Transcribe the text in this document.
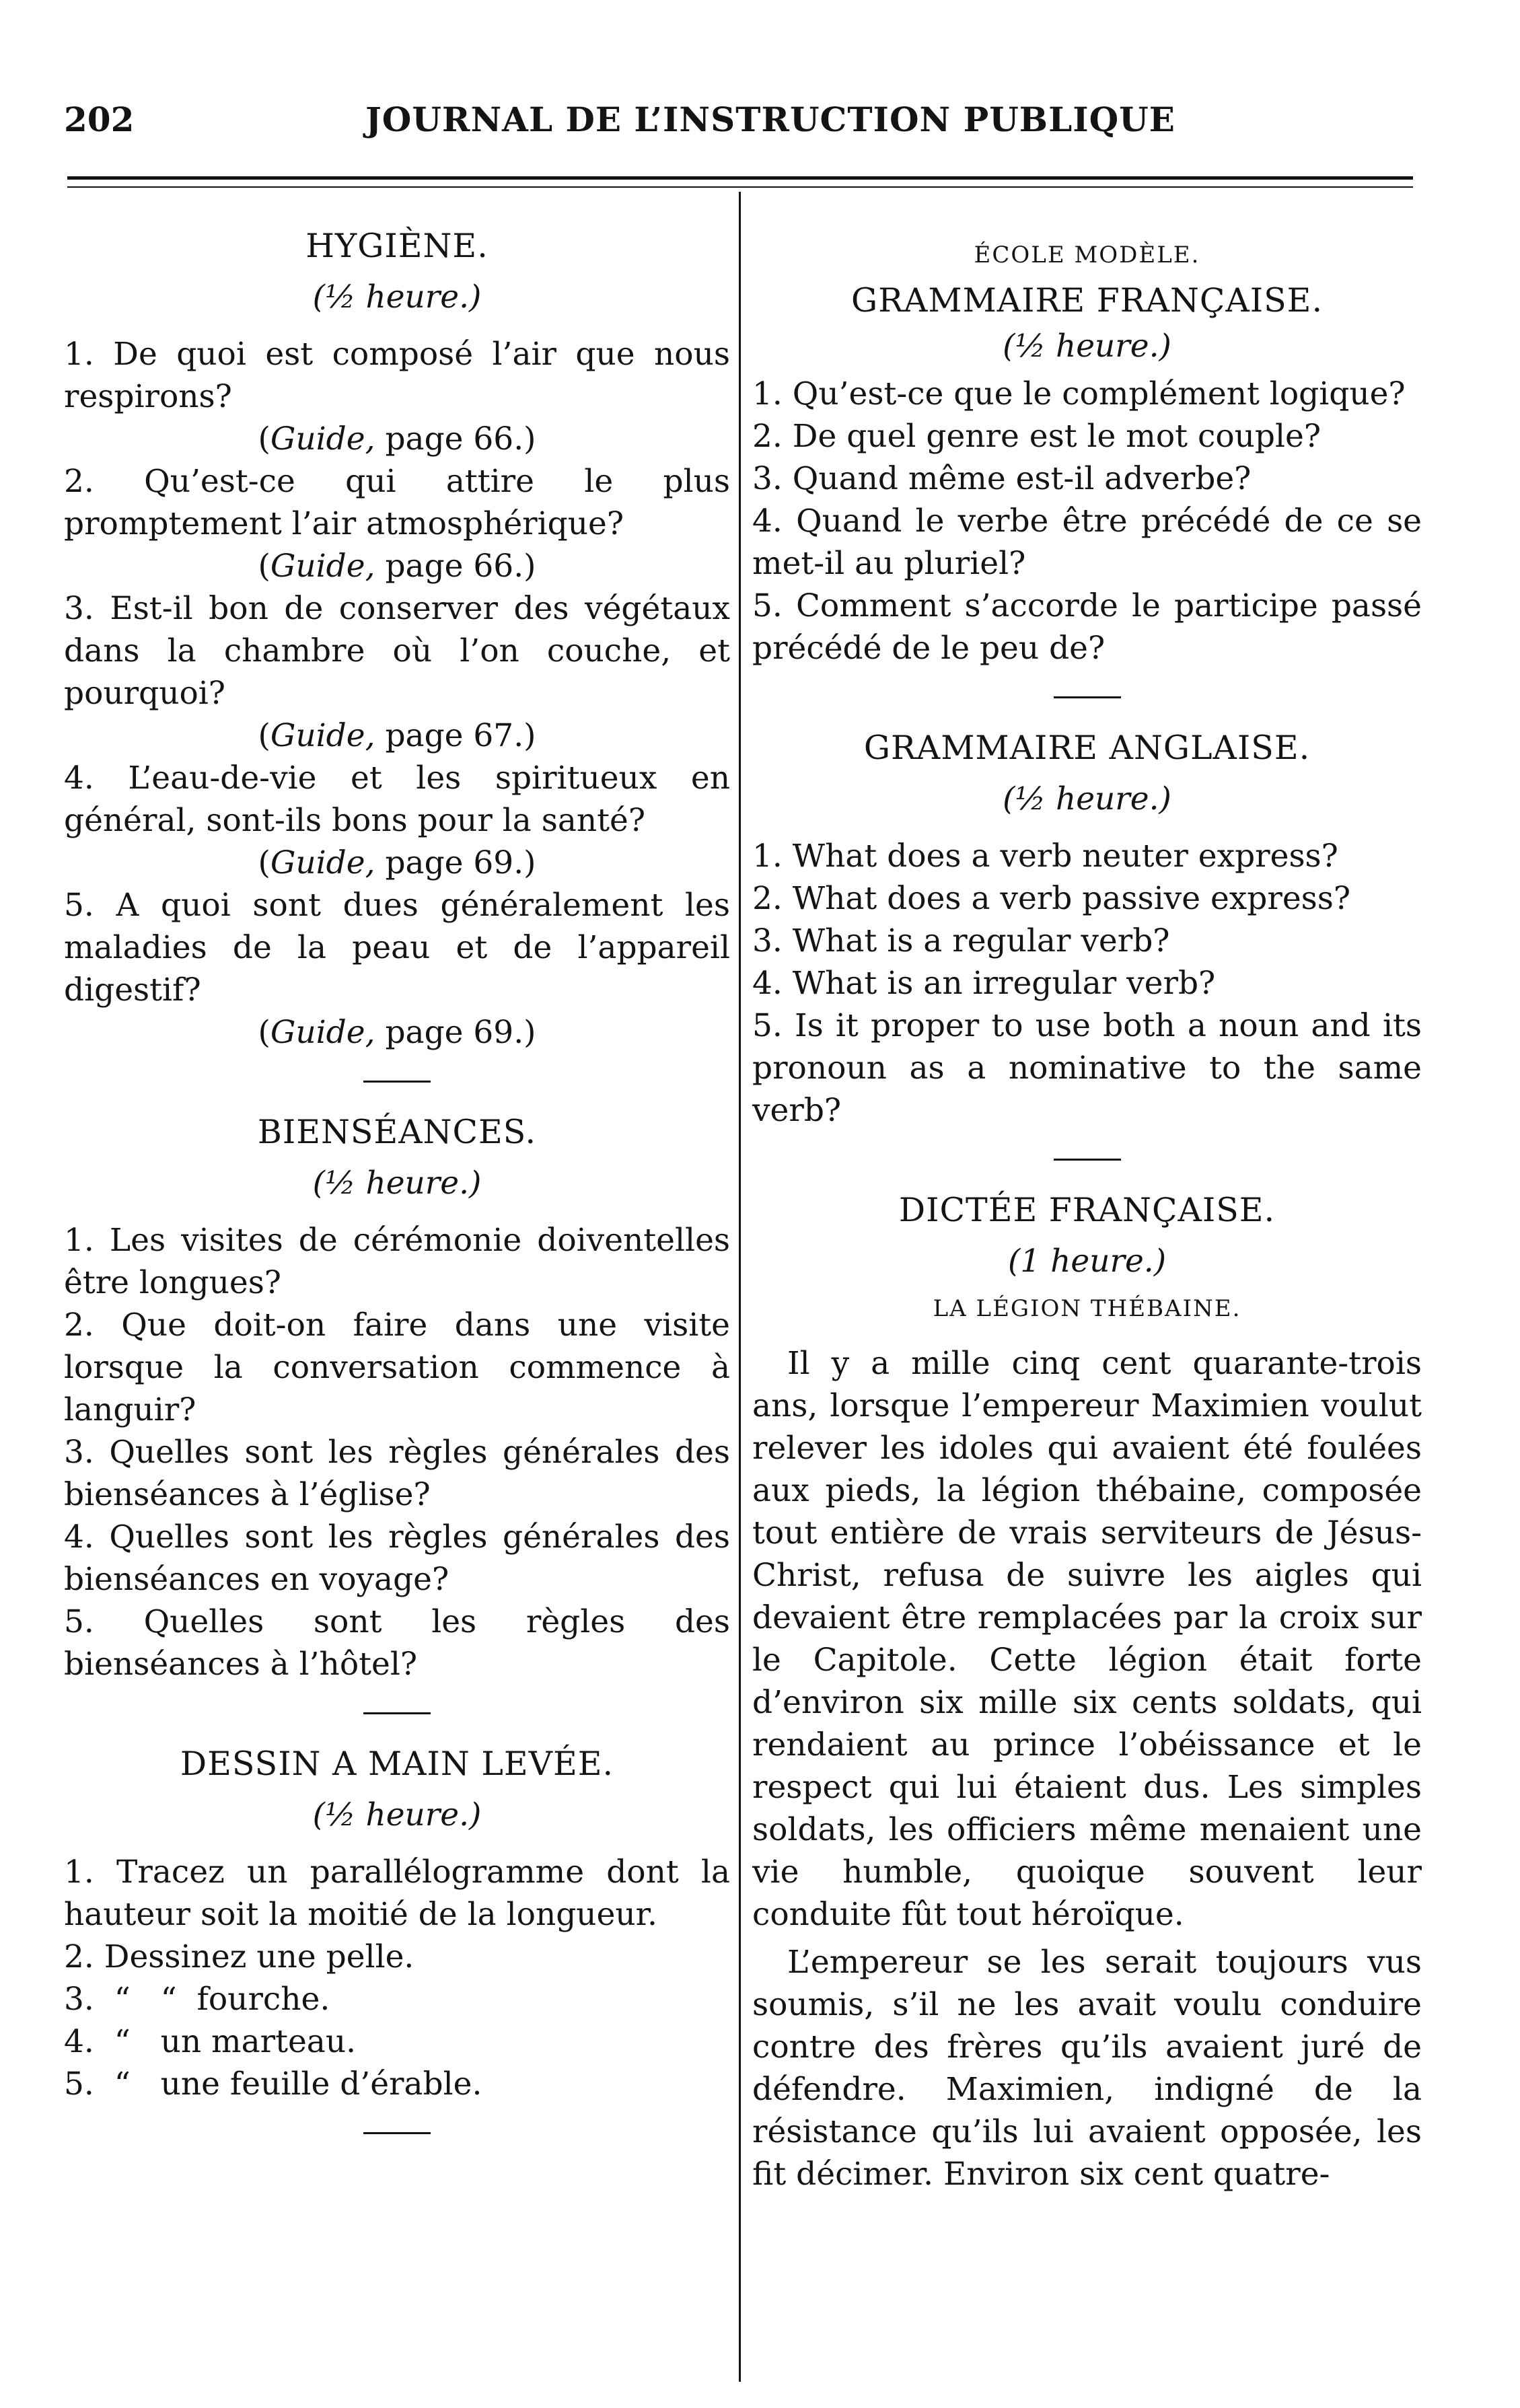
202	JOURNAL DE L’INSTRUCTION PUBLIQUE
HYGIÈNE.
(½ heure.)

1. De quoi est composé l’air que nous respirons?

(Guide, page 66.)

2. Qu’est-ce qui attire le plus promptement l’air atmosphérique?

(Guide, page 66.)

3. Est-il bon de conserver des végétaux dans la chambre où l’on couche, et pourquoi?

(Guide, page 67.)

4. L’eau-de-vie et les spiritueux en général, sont-ils bons pour la santé?

(Guide, page 69.)

5. A quoi sont dues généralement les maladies de la peau et de l’appareil digestif?

(Guide, page 69.)

BIENSÉANCES.
(½ heure.)

1. Les visites de cérémonie doiventelles être longues?

2. Que doit-on faire dans une visite lorsque la conversation commence à languir?

3. Quelles sont les règles générales des bienséances à l’église?

4. Quelles sont les règles générales des bienséances en voyage?

5. Quelles sont les règles des bienséances à l’hôtel?

DESSIN A MAIN LEVÉE.
(½ heure.)

1. Tracez un parallélogramme dont la hauteur soit la moitié de la longueur.

2. Dessinez une pelle.

3.  “   “  fourche.

4.  “   un marteau.

5.  “   une feuille d’érable.

ÉCOLE MODÈLE.
GRAMMAIRE FRANÇAISE.
(½ heure.)

1. Qu’est-ce que le complément logique?

2. De quel genre est le mot couple?

3. Quand même est-il adverbe?

4. Quand le verbe être précédé de ce se met-il au pluriel?

5. Comment s’accorde le participe passé précédé de le peu de?

GRAMMAIRE ANGLAISE.
(½ heure.)

1. What does a verb neuter express?

2. What does a verb passive express?

3. What is a regular verb?

4. What is an irregular verb?

5. Is it proper to use both a noun and its pronoun as a nominative to the same verb?

DICTÉE FRANÇAISE.
(1 heure.)
LA LÉGION THÉBAINE.

Il y a mille cinq cent quarante-trois ans, lorsque l’empereur Maximien voulut relever les idoles qui avaient été foulées aux pieds, la légion thébaine, composée tout entière de vrais serviteurs de Jésus-Christ, refusa de suivre les aigles qui devaient être remplacées par la croix sur le Capitole. Cette légion était forte d’environ six mille six cents soldats, qui rendaient au prince l’obéissance et le respect qui lui étaient dus. Les simples soldats, les officiers même menaient une vie humble, quoique souvent leur conduite fût tout héroïque.

L’empereur se les serait toujours vus soumis, s’il ne les avait voulu conduire contre des frères qu’ils avaient juré de défendre. Maximien, indigné de la résistance qu’ils lui avaient opposée, les fit décimer. Environ six cent quatre-
